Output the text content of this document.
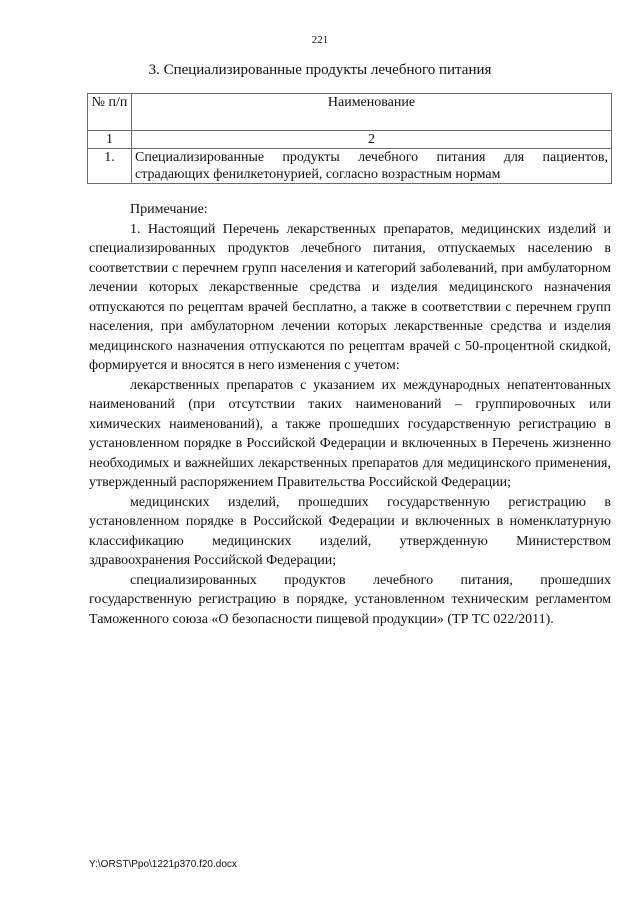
221
3. Специализированные продукты лечебного питания
№ п/п	Наименование
1	2
1.	Специализированные продукты лечебного питания для пациентов, страдающих фенилкетонурией, согласно возрастным нормам
Примечание:

1. Настоящий Перечень лекарственных препаратов, медицинских изделий и специализированных продуктов лечебного питания, отпускаемых населению в соответствии с перечнем групп населения и категорий заболеваний, при амбулаторном лечении которых лекарственные средства и изделия медицинского назначения отпускаются по рецептам врачей бесплатно, а также в соответствии с перечнем групп населения, при амбулаторном лечении которых лекарственные средства и изделия медицинского назначения отпускаются по рецептам врачей с 50-процентной скидкой, формируется и вносятся в него изменения с учетом:

лекарственных препаратов с указанием их международных непатентованных наименований (при отсутствии таких наименований – группировочных или химических наименований), а также прошедших государственную регистрацию в установленном порядке в Российской Федерации и включенных в Перечень жизненно необходимых и важнейших лекарственных препаратов для медицинского применения, утвержденный распоряжением Правительства Российской Федерации;

медицинских изделий, прошедших государственную регистрацию в установленном порядке в Российской Федерации и включенных в номенклатурную классификацию медицинских изделий, утвержденную Министерством здравоохранения Российской Федерации;

специализированных продуктов лечебного питания, прошедших государственную регистрацию в порядке, установленном техническим регламентом Таможенного союза «О безопасности пищевой продукции» (ТР ТС 022/2011).

Y:\ORST\Ppo\1221p370.f20.docx
